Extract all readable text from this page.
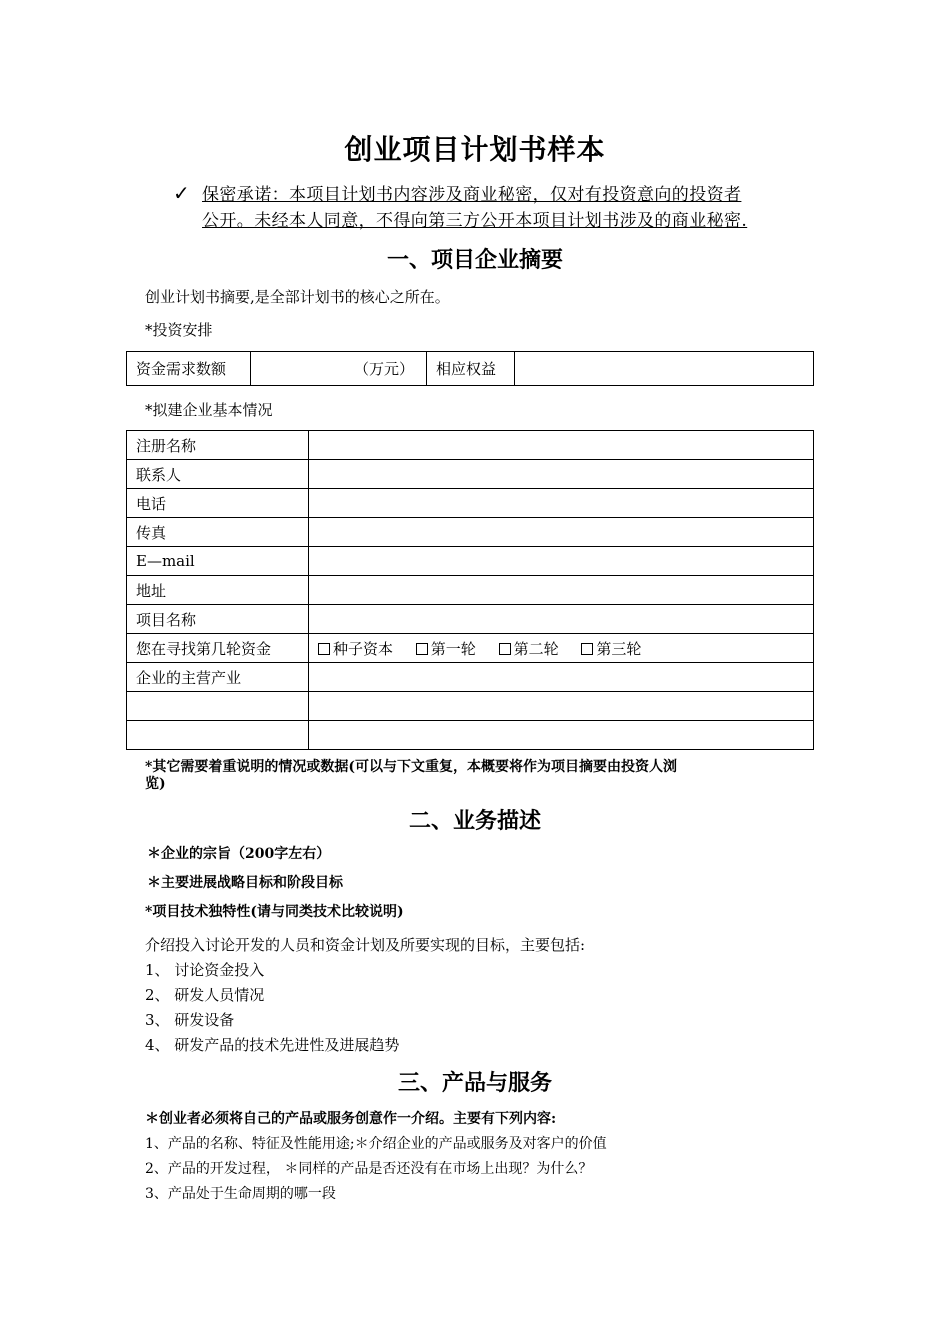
创业项目计划书样本
✓ 保密承诺：本项目计划书内容涉及商业秘密，仅对有投资意向的投资者
公开。未经本人同意，不得向第三方公开本项目计划书涉及的商业秘密.
一、项目企业摘要
创业计划书摘要,是全部计划书的核心之所在。
*投资安排
资金需求数额		（万元）	相应权益	
*拟建企业基本情况
注册名称	
联系人	
电话	
传真	
E—mail	
地址	
项目名称	
您在寻找第几轮资金	种子资本 第一轮 第二轮 第三轮
企业的主营产业	

*其它需要着重说明的情况或数据(可以与下文重复，本概要将作为项目摘要由投资人浏
览)
二、业务描述
＊企业的宗旨（200字左右）
＊主要进展战略目标和阶段目标
*项目技术独特性(请与同类技术比较说明)
介绍投入讨论开发的人员和资金计划及所要实现的目标，主要包括:
1、 讨论资金投入
2、 研发人员情况
3、 研发设备
4、 研发产品的技术先进性及进展趋势
三、产品与服务
＊创业者必须将自己的产品或服务创意作一介绍。主要有下列内容:
1、产品的名称、特征及性能用途;＊介绍企业的产品或服务及对客户的价值
2、产品的开发过程， ＊同样的产品是否还没有在市场上出现？为什么？
3、产品处于生命周期的哪一段
